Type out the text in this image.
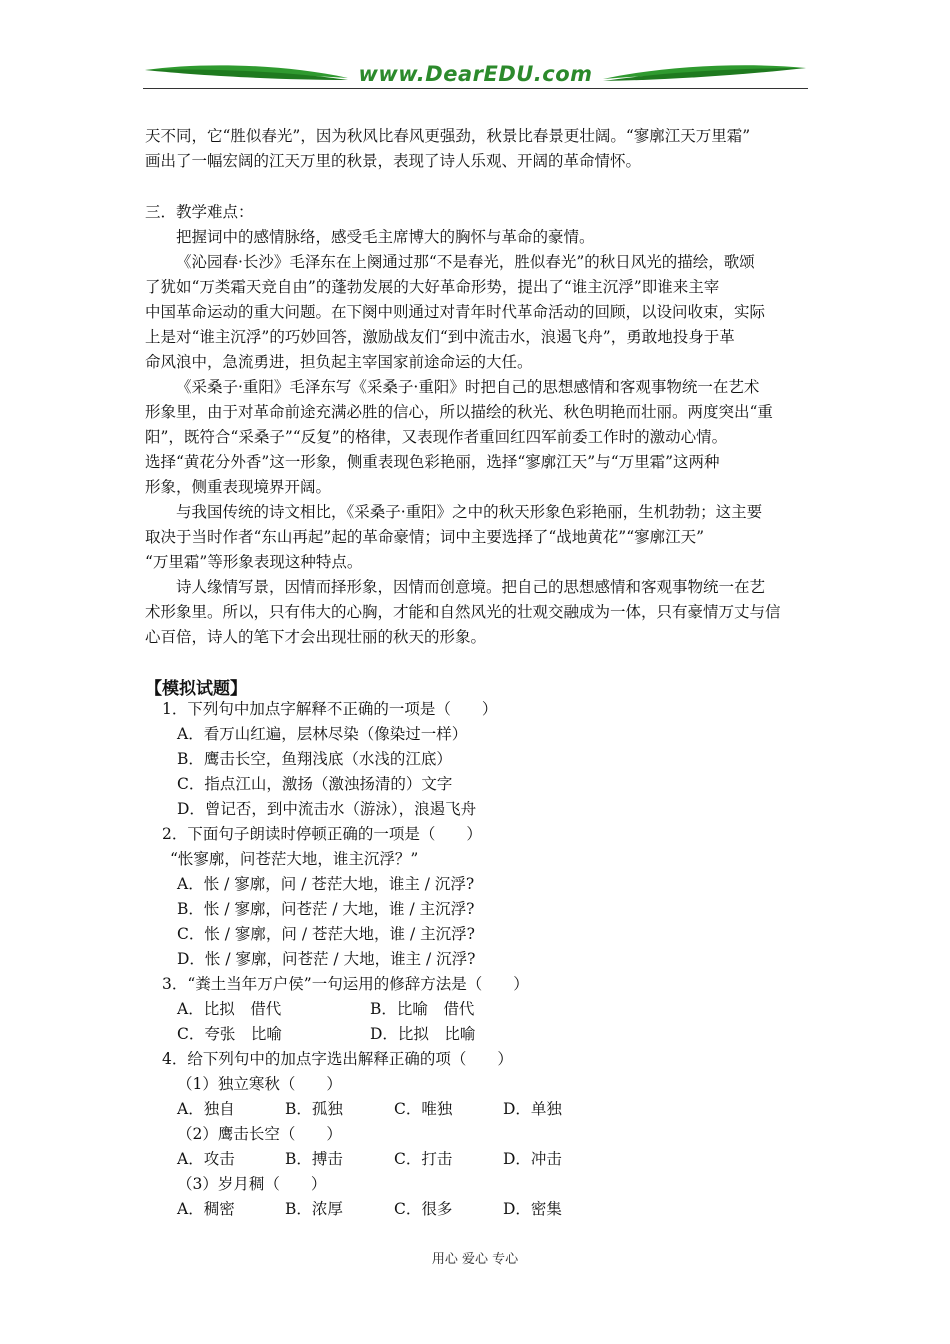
www.DearEDU.com

天不同，它“胜似春光”，因为秋风比春风更强劲，秋景比春景更壮阔。“寥廓江天万里霜”

画出了一幅宏阔的江天万里的秋景，表现了诗人乐观、开阔的革命情怀。

三．教学难点：

把握词中的感情脉络，感受毛主席博大的胸怀与革命的豪情。

《沁园春·长沙》毛泽东在上阕通过那“不是春光，胜似春光”的秋日风光的描绘，歌颂

了犹如“万类霜天竞自由”的蓬勃发展的大好革命形势，提出了“谁主沉浮”即谁来主宰

中国革命运动的重大问题。在下阕中则通过对青年时代革命活动的回顾，以设问收束，实际

上是对“谁主沉浮”的巧妙回答，激励战友们“到中流击水，浪遏飞舟”，勇敢地投身于革

命风浪中，急流勇进，担负起主宰国家前途命运的大任。

《采桑子·重阳》毛泽东写《采桑子·重阳》时把自己的思想感情和客观事物统一在艺术

形象里，由于对革命前途充满必胜的信心，所以描绘的秋光、秋色明艳而壮丽。两度突出“重

阳”，既符合“采桑子”“反复”的格律，又表现作者重回红四军前委工作时的激动心情。

选择“黄花分外香”这一形象，侧重表现色彩艳丽，选择“寥廓江天”与“万里霜”这两种

形象，侧重表现境界开阔。

与我国传统的诗文相比，《采桑子·重阳》之中的秋天形象色彩艳丽，生机勃勃；这主要

取决于当时作者“东山再起”起的革命豪情；词中主要选择了“战地黄花”“寥廓江天”

“万里霜”等形象表现这种特点。

诗人缘情写景，因情而择形象，因情而创意境。把自己的思想感情和客观事物统一在艺

术形象里。所以，只有伟大的心胸，才能和自然风光的壮观交融成为一体，只有豪情万丈与信

心百倍，诗人的笔下才会出现壮丽的秋天的形象。

【模拟试题】
1．下列句中加点字解释不正确的一项是（　　）
A．看万山红遍，层林尽染（像染过一样）
B．鹰击长空，鱼翔浅底（水浅的江底）
C．指点江山，激扬（激浊扬清的）文字
D．曾记否，到中流击水（游泳），浪遏飞舟
2．下面句子朗读时停顿正确的一项是（　　）
“怅寥廓，问苍茫大地，谁主沉浮？”
A．怅 / 寥廓，问 / 苍茫大地，谁主 / 沉浮?
B．怅 / 寥廓，问苍茫 / 大地，谁 / 主沉浮?
C．怅 / 寥廓，问 / 苍茫大地，谁 / 主沉浮?
D．怅 / 寥廓，问苍茫 / 大地，谁主 / 沉浮?
3．“粪土当年万户侯”一句运用的修辞方法是（　　）
A．比拟　借代	B．比喻　借代
C．夸张　比喻	D．比拟　比喻
4．给下列句中的加点字选出解释正确的项（　　）
（1）独立寒秋（　　）
A．独自	B．孤独	C．唯独	D．单独
（2）鹰击长空（　　）
A．攻击	B．搏击	C．打击	D．冲击
（3）岁月稠（　　）
A．稠密	B．浓厚	C．很多	D．密集
用心 爱心 专心
